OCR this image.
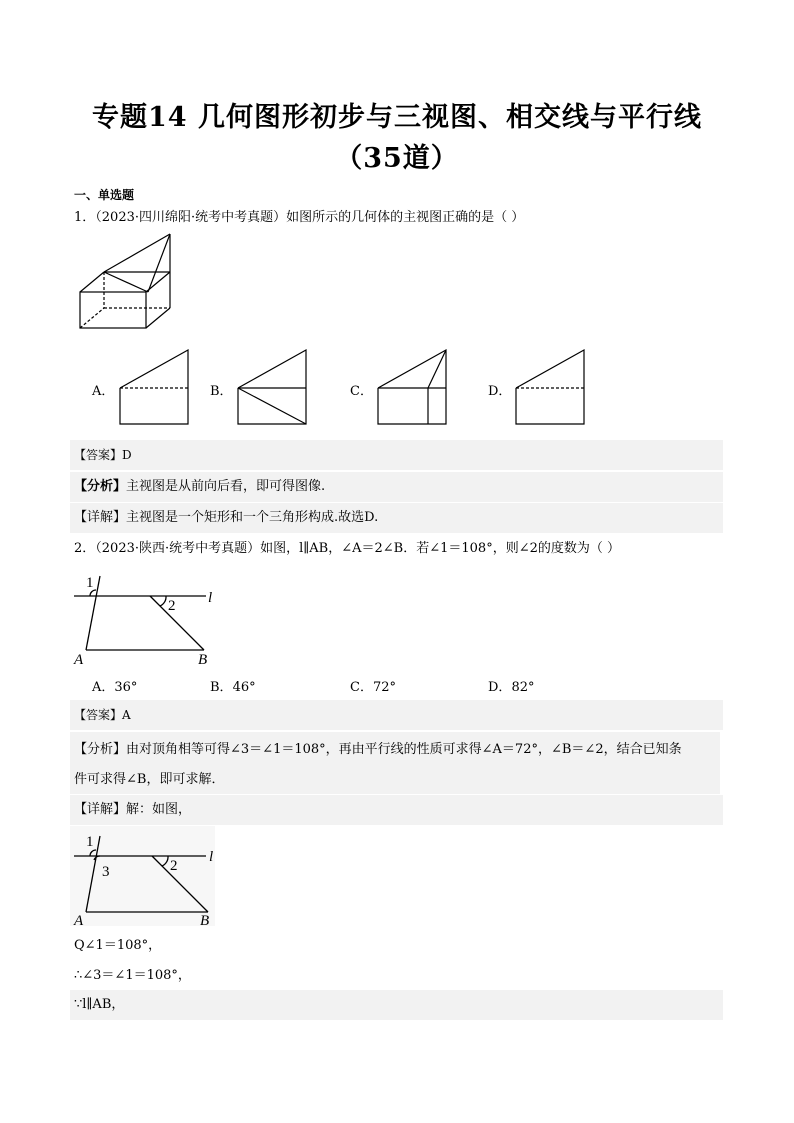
专题14 几何图形初步与三视图、相交线与平行线
（35道）
一、单选题
1．（2023·四川绵阳·统考中考真题）如图所示的几何体的主视图正确的是（ ）
A．	B．	C．	D．
【答案】D
【分析】主视图是从前向后看，即可得图像.
【详解】主视图是一个矩形和一个三角形构成.故选D.
2．（2023·陕西·统考中考真题）如图，l∥AB，∠A＝2∠B．若∠1＝108°，则∠2的度数为（ ）
1
2 l
A	B
A．36°	B．46°	C．72°	D．82°
【答案】A
【分析】由对顶角相等可得∠3＝∠1＝108°，再由平行线的性质可求得∠A＝72°，∠B＝∠2，结合已知条
件可求得∠B，即可求解．
【详解】解：如图，
1
3	2
l
A	B
Q∠1＝108°，
∴∠3＝∠1＝108°，
∵l∥AB，
